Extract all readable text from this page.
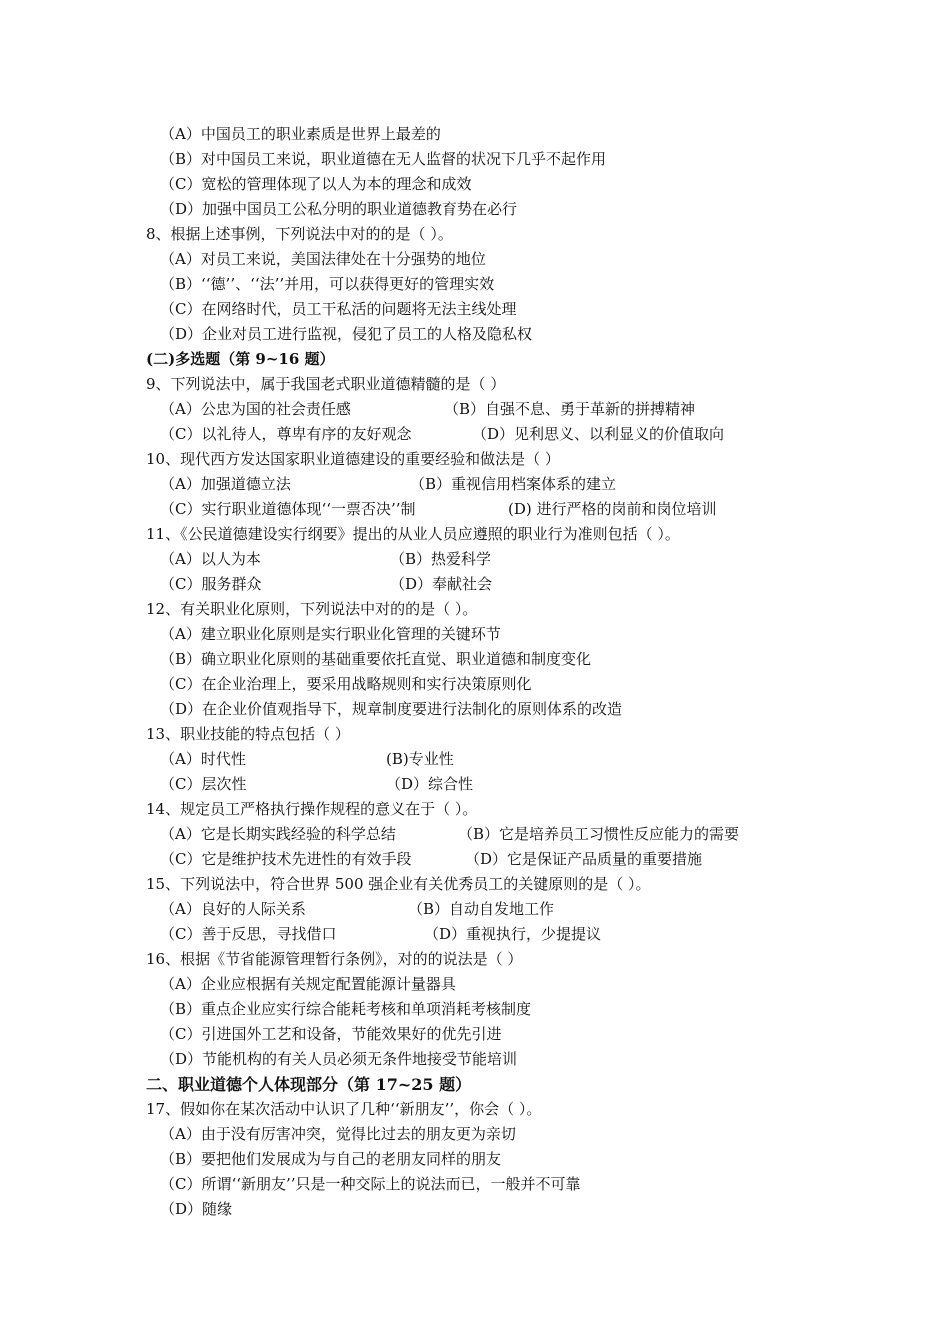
（A）中国员工的职业素质是世界上最差的
（B）对中国员工来说，职业道德在无人监督的状况下几乎不起作用
（C）宽松的管理体现了以人为本的理念和成效
（D）加强中国员工公私分明的职业道德教育势在必行
8、根据上述事例，下列说法中对的的是（ ）。
（A）对员工来说，美国法律处在十分强势的地位
（B）‘‘德’’、‘‘法’’并用，可以获得更好的管理实效
（C）在网络时代，员工干私活的问题将无法主线处理
（D）企业对员工进行监视，侵犯了员工的人格及隐私权
(二)多选题（第 9~16 题）
9、下列说法中，属于我国老式职业道德精髓的是（ ）
（A）公忠为国的社会责任感	（B）自强不息、勇于革新的拼搏精神
（C）以礼待人，尊卑有序的友好观念	（D）见利思义、以利显义的价值取向
10、现代西方发达国家职业道德建设的重要经验和做法是（ ）
（A）加强道德立法	（B）重视信用档案体系的建立
（C）实行职业道德体现‘‘一票否决’’制	(D) 进行严格的岗前和岗位培训
11、《公民道德建设实行纲要》提出的从业人员应遵照的职业行为准则包括（ ）。
（A）以人为本	（B）热爱科学
（C）服务群众	（D）奉献社会
12、有关职业化原则，下列说法中对的的是（ ）。
（A）建立职业化原则是实行职业化管理的关键环节
（B）确立职业化原则的基础重要依托直觉、职业道德和制度变化
（C）在企业治理上，要采用战略规则和实行决策原则化
（D）在企业价值观指导下，规章制度要进行法制化的原则体系的改造
13、职业技能的特点包括（ ）
（A）时代性	(B)专业性
（C）层次性	（D）综合性
14、规定员工严格执行操作规程的意义在于（ ）。
（A）它是长期实践经验的科学总结	（B）它是培养员工习惯性反应能力的需要
（C）它是维护技术先进性的有效手段	（D）它是保证产品质量的重要措施
15、下列说法中，符合世界 500 强企业有关优秀员工的关键原则的是（ ）。
（A）良好的人际关系	（B）自动自发地工作
（C）善于反思，寻找借口	（D）重视执行，少提提议
16、根据《节省能源管理暂行条例》，对的的说法是（ ）
（A）企业应根据有关规定配置能源计量器具
（B）重点企业应实行综合能耗考核和单项消耗考核制度
（C）引进国外工艺和设备，节能效果好的优先引进
（D）节能机构的有关人员必须无条件地接受节能培训
二、职业道德个人体现部分（第 17~25 题）
17、假如你在某次活动中认识了几种‘‘新朋友’’，你会（ ）。
（A）由于没有厉害冲突，觉得比过去的朋友更为亲切
（B）要把他们发展成为与自己的老朋友同样的朋友
（C）所谓‘‘新朋友’’只是一种交际上的说法而已，一般并不可靠
（D）随缘
